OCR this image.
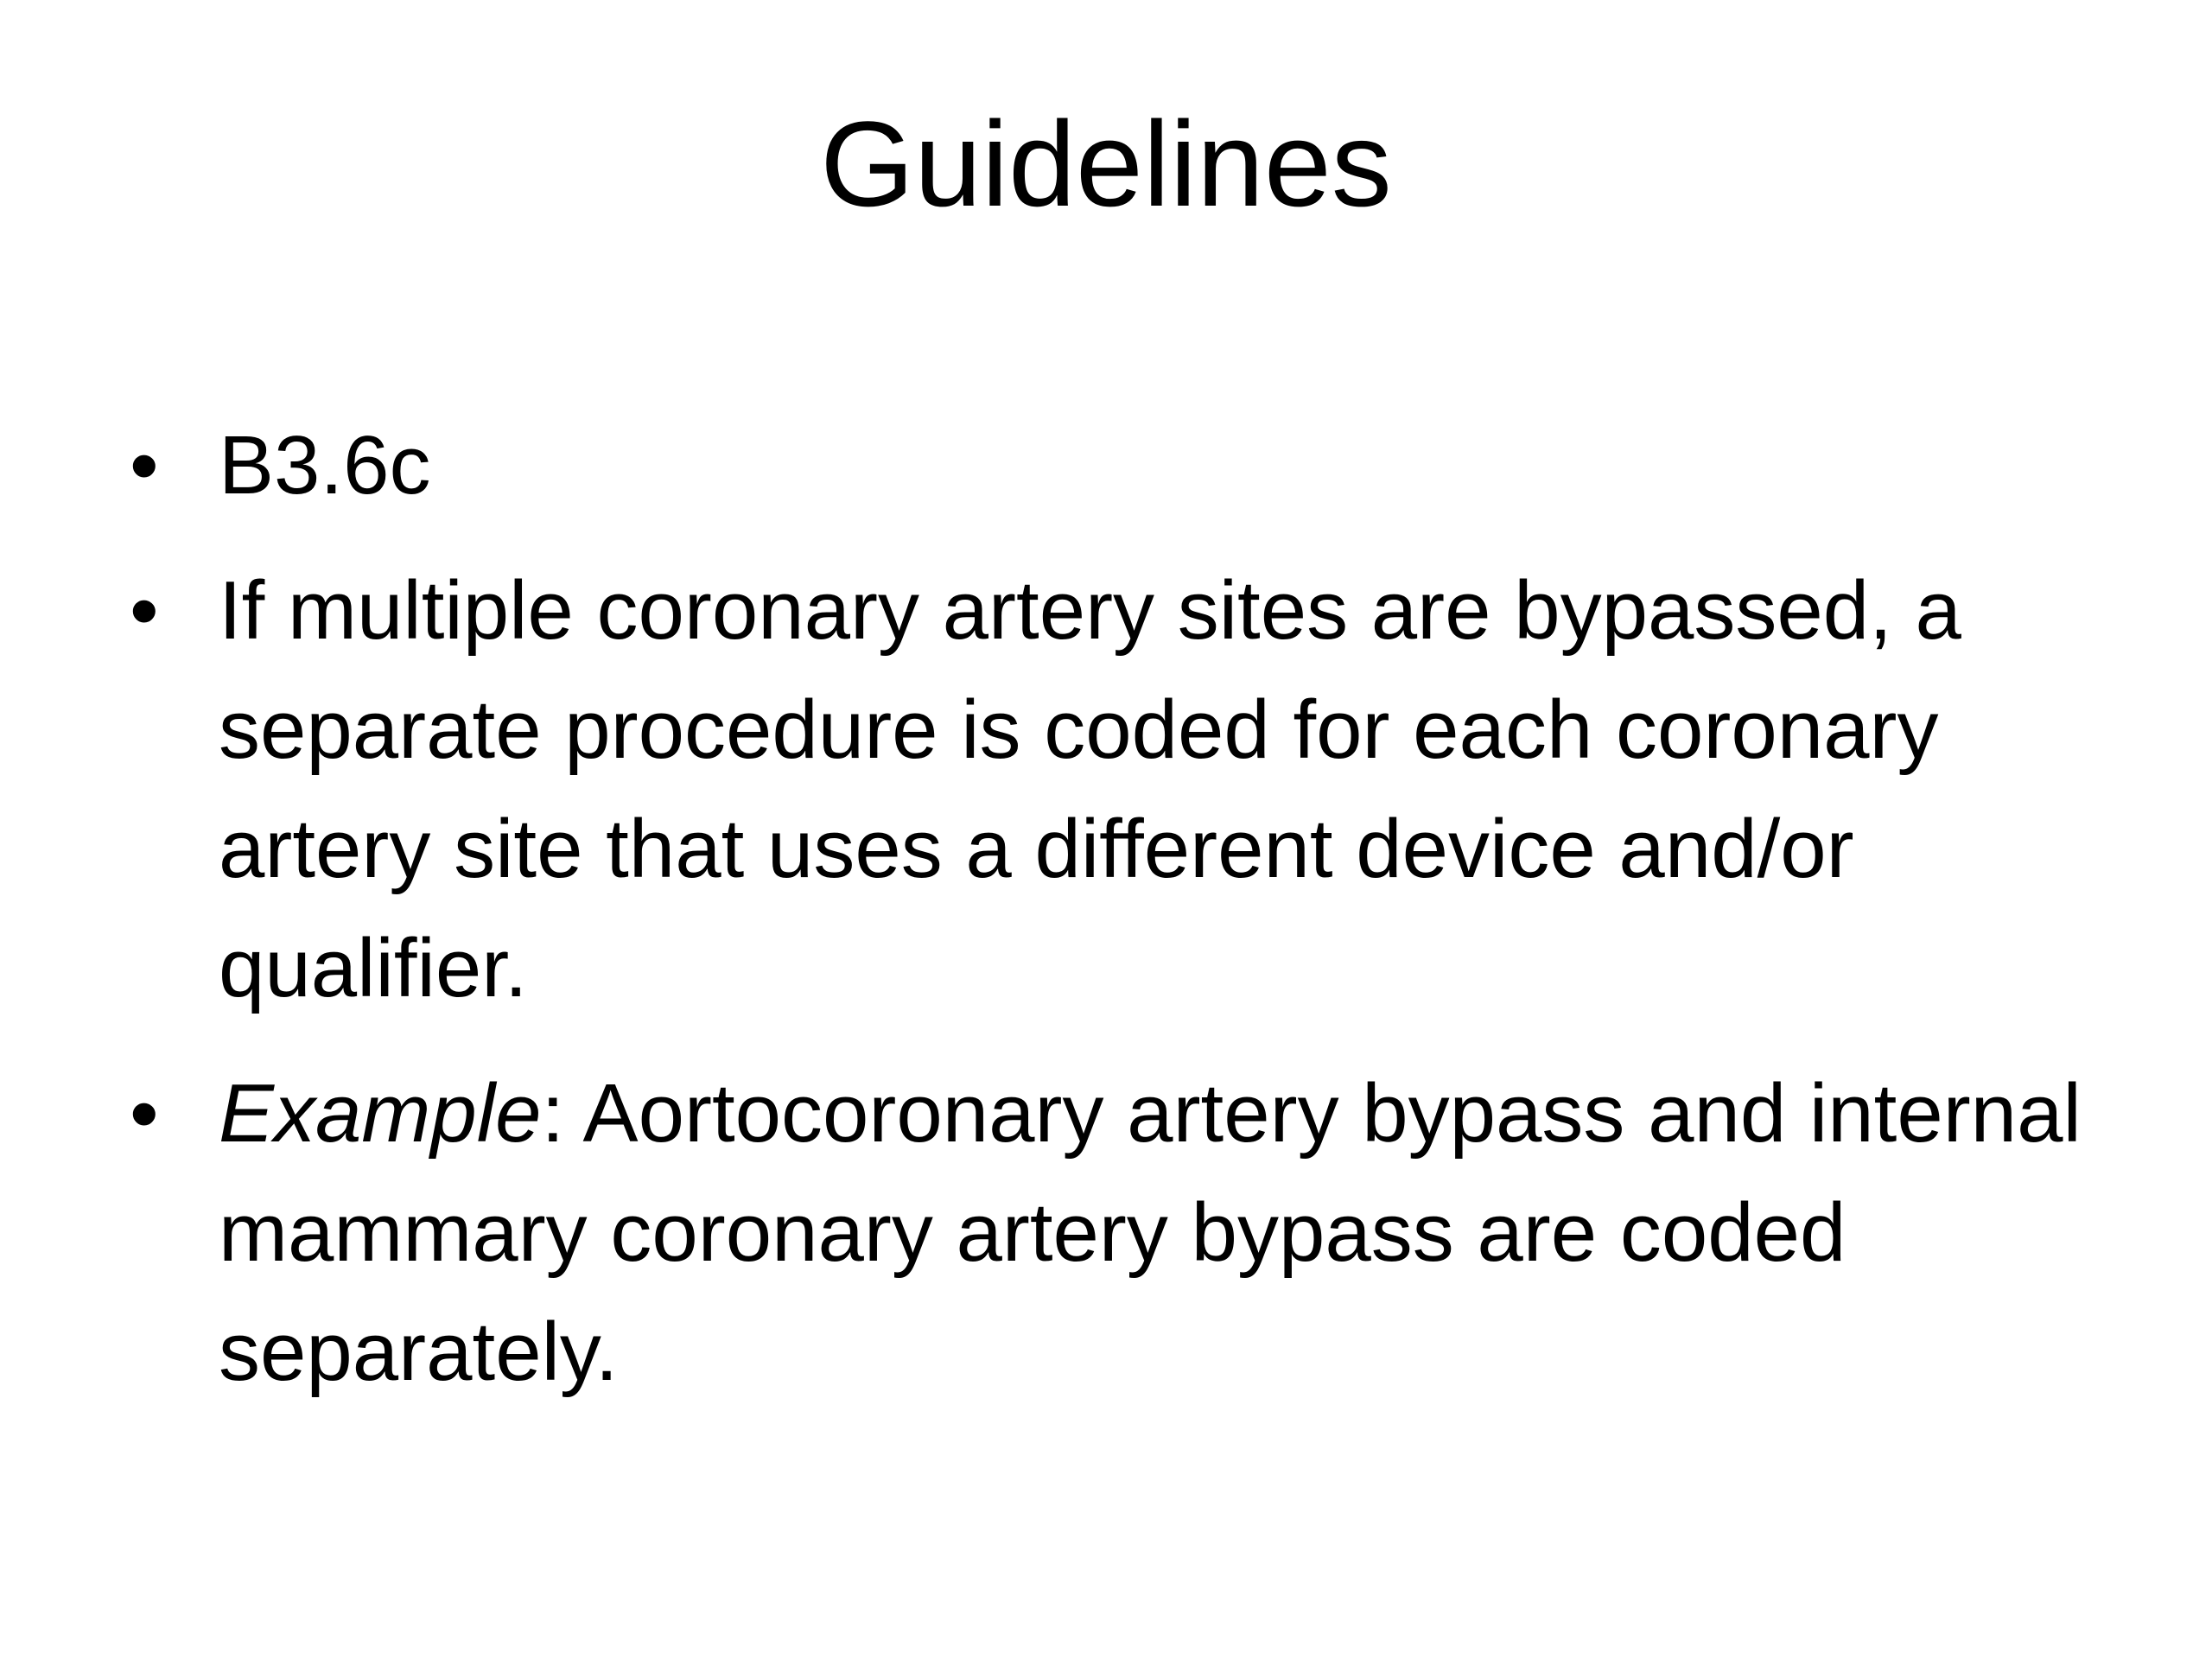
Guidelines
• B3.6c
• If multiple coronary artery sites are bypassed, a separate procedure is coded for each coronary artery site that uses a different device and/or qualifier.
• Example: Aortocoronary artery bypass and internal mammary coronary artery bypass are coded separately.
